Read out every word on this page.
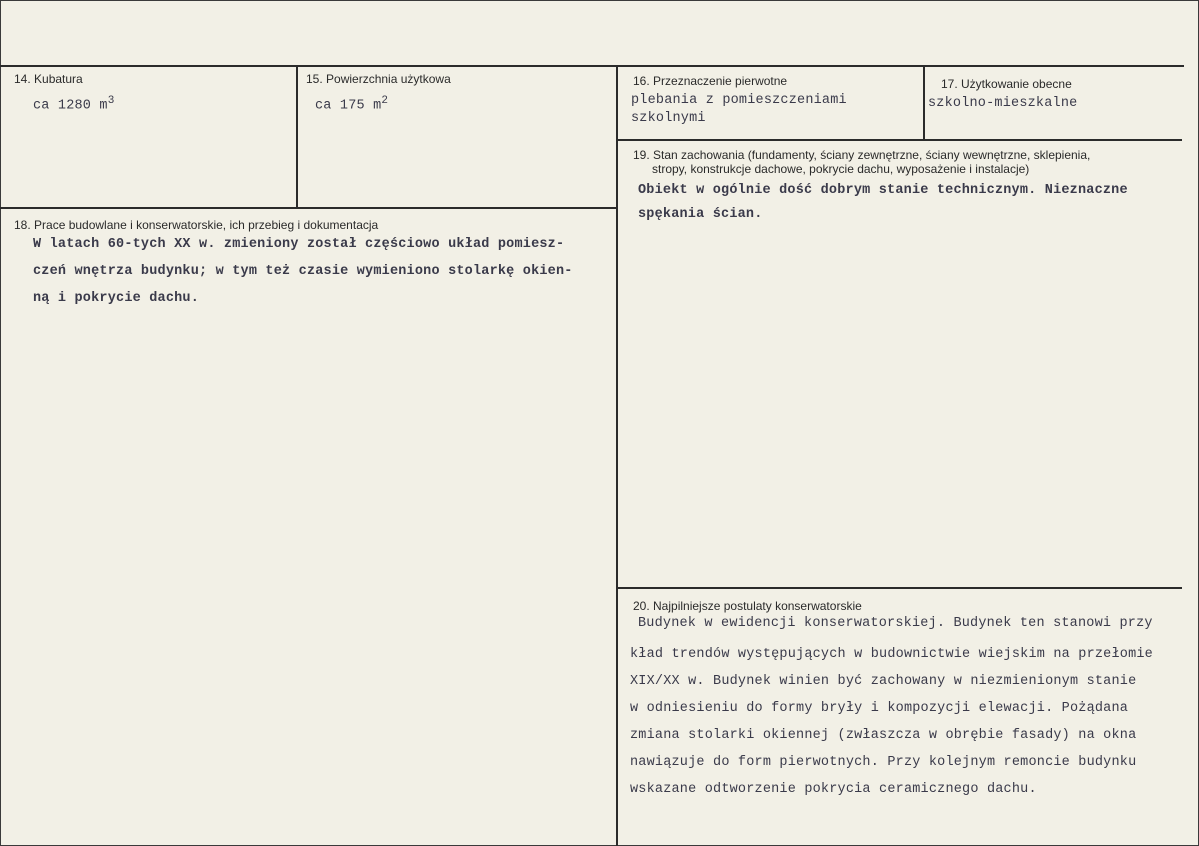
14. Kubatura
ca 1280 $m^3$
15. Powierzchnia użytkowa
ca 175 $m^2$
16. Przeznaczenie pierwotne
plebania z pomieszczeniami
szkolnymi
17. Użytkowanie obecne
szkolno-mieszkalne
18. Prace budowlane i konserwatorskie, ich przebieg i dokumentacja
W latach 60-tych XX w. zmieniony został częściowo układ pomiesz-
czeń wnętrza budynku; w tym też czasie wymieniono stolarkę okien-
ną i pokrycie dachu.
19. Stan zachowania (fundamenty, ściany zewnętrzne, ściany wewnętrzne, sklepienia,
stropy, konstrukcje dachowe, pokrycie dachu, wyposażenie i instalacje)
Obiekt w ogólnie dość dobrym stanie technicznym. Nieznaczne
spękania ścian.
20. Najpilniejsze postulaty konserwatorskie
Budynek w ewidencji konserwatorskiej. Budynek ten stanowi przy
kład trendów występujących w budownictwie wiejskim na przełomie
XIX/XX w. Budynek winien być zachowany w niezmienionym stanie
w odniesieniu do formy bryły i kompozycji elewacji. Pożądana
zmiana stolarki okiennej (zwłaszcza w obrębie fasady) na okna
nawiązuje do form pierwotnych. Przy kolejnym remoncie budynku
wskazane odtworzenie pokrycia ceramicznego dachu.
